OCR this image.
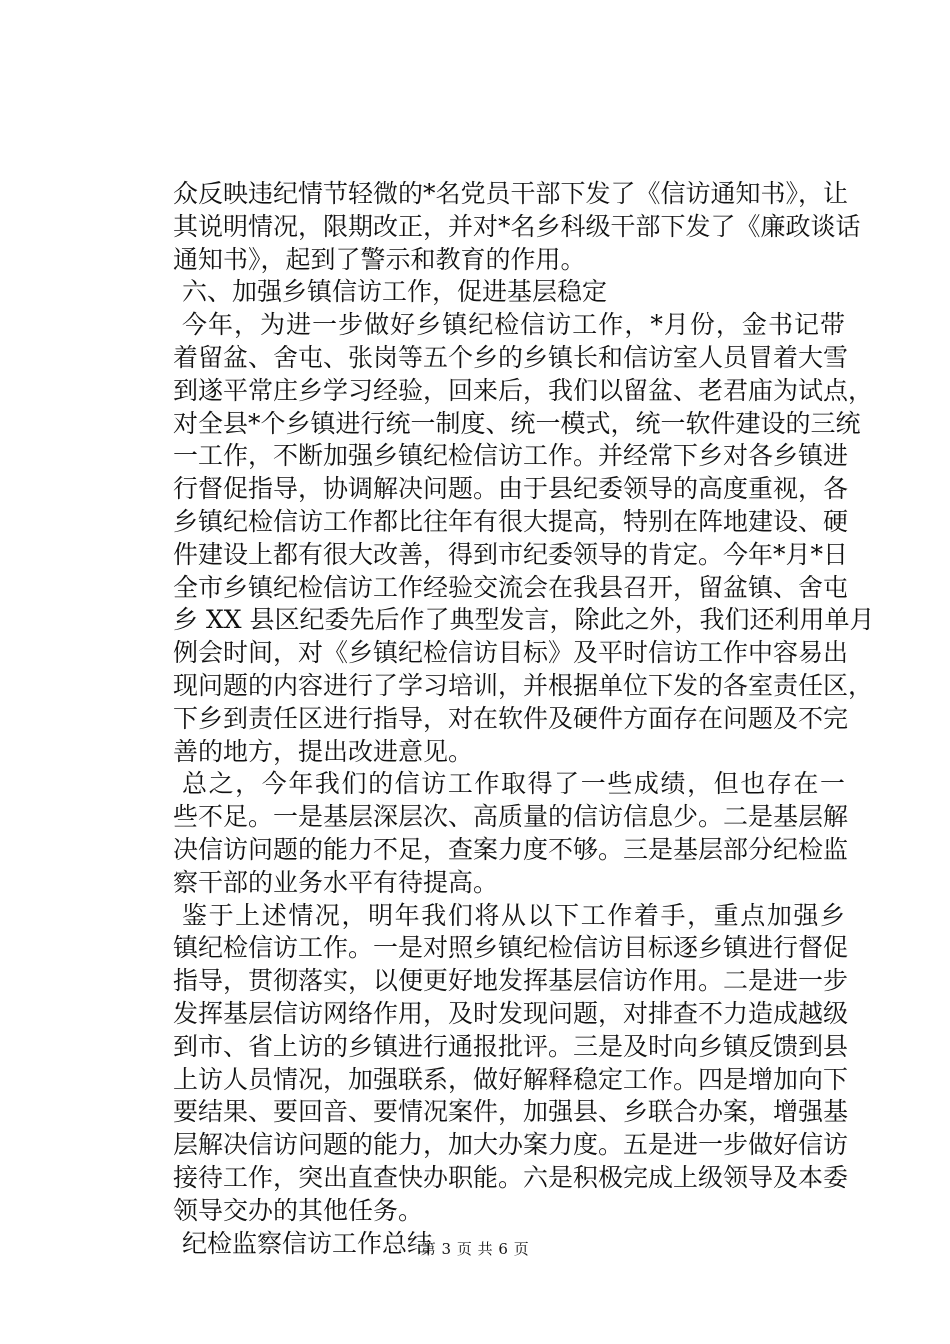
众反映违纪情节轻微的*名党员干部下发了《信访通知书》，让
其说明情况，限期改正，并对*名乡科级干部下发了《廉政谈话
通知书》，起到了警示和教育的作用。
六、加强乡镇信访工作，促进基层稳定
今年，为进一步做好乡镇纪检信访工作，*月份，金书记带
着留盆、舍屯、张岗等五个乡的乡镇长和信访室人员冒着大雪
到遂平常庄乡学习经验，回来后，我们以留盆、老君庙为试点，
对全县*个乡镇进行统一制度、统一模式，统一软件建设的三统
一工作，不断加强乡镇纪检信访工作。并经常下乡对各乡镇进
行督促指导，协调解决问题。由于县纪委领导的高度重视，各
乡镇纪检信访工作都比往年有很大提高，特别在阵地建设、硬
件建设上都有很大改善，得到市纪委领导的肯定。今年*月*日
全市乡镇纪检信访工作经验交流会在我县召开，留盆镇、舍屯
乡 XX 县区纪委先后作了典型发言，除此之外，我们还利用单月
例会时间，对《乡镇纪检信访目标》及平时信访工作中容易出
现问题的内容进行了学习培训，并根据单位下发的各室责任区，
下乡到责任区进行指导，对在软件及硬件方面存在问题及不完
善的地方，提出改进意见。
总之，今年我们的信访工作取得了一些成绩，但也存在一
些不足。一是基层深层次、高质量的信访信息少。二是基层解
决信访问题的能力不足，查案力度不够。三是基层部分纪检监
察干部的业务水平有待提高。
鉴于上述情况，明年我们将从以下工作着手，重点加强乡
镇纪检信访工作。一是对照乡镇纪检信访目标逐乡镇进行督促
指导，贯彻落实，以便更好地发挥基层信访作用。二是进一步
发挥基层信访网络作用，及时发现问题，对排查不力造成越级
到市、省上访的乡镇进行通报批评。三是及时向乡镇反馈到县
上访人员情况，加强联系，做好解释稳定工作。四是增加向下
要结果、要回音、要情况案件，加强县、乡联合办案，增强基
层解决信访问题的能力，加大办案力度。五是进一步做好信访
接待工作，突出直查快办职能。六是积极完成上级领导及本委
领导交办的其他任务。
纪检监察信访工作总结
第 3 页 共 6 页
